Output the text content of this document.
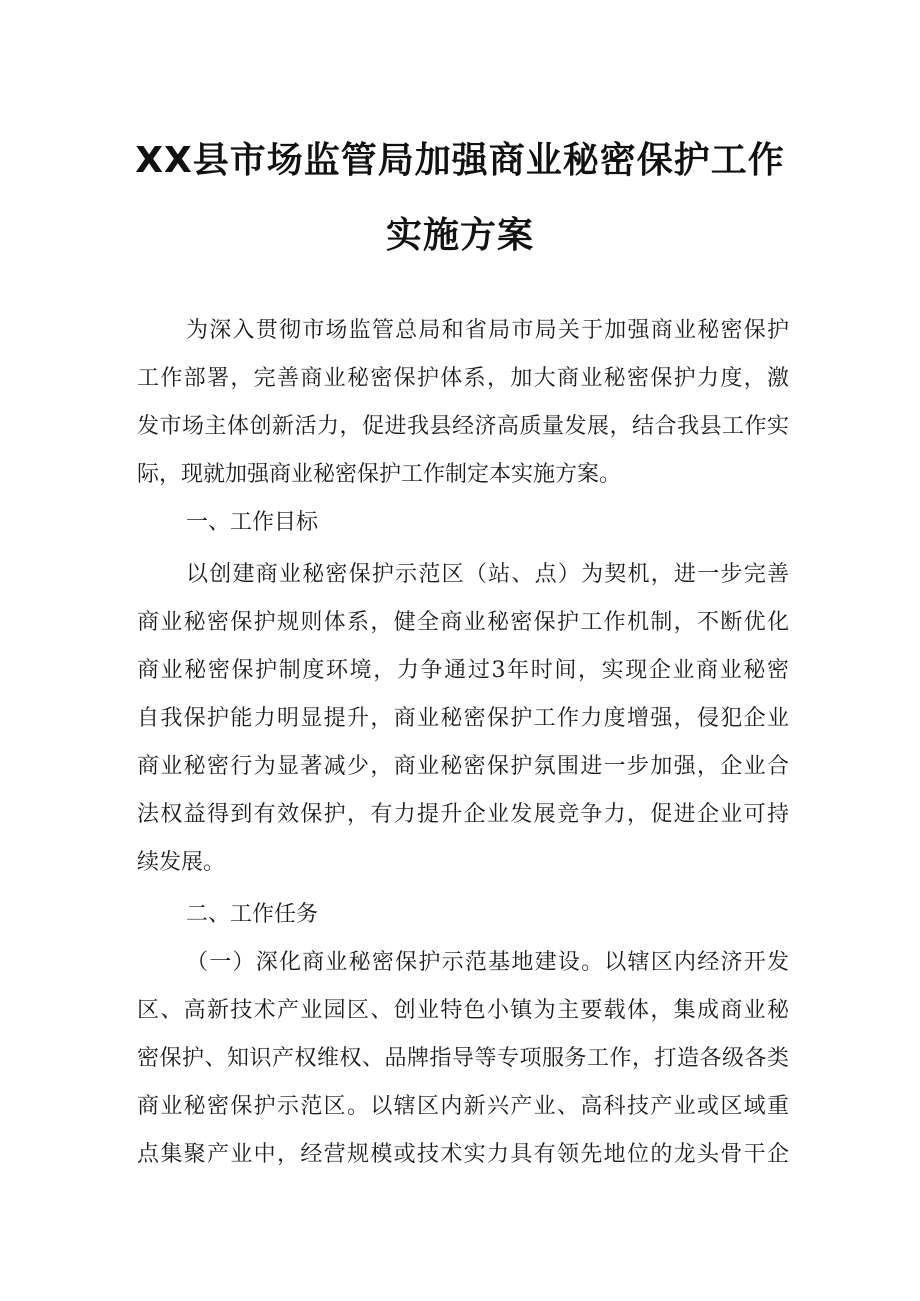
XX县市场监管局加强商业秘密保护工作
实施方案
为深入贯彻市场监管总局和省局市局关于加强商业秘密保护
工作部署，完善商业秘密保护体系，加大商业秘密保护力度，激
发市场主体创新活力，促进我县经济高质量发展，结合我县工作实
际，现就加强商业秘密保护工作制定本实施方案。
一、工作目标
以创建商业秘密保护示范区（站、点）为契机，进一步完善
商业秘密保护规则体系，健全商业秘密保护工作机制，不断优化
商业秘密保护制度环境，力争通过3年时间，实现企业商业秘密
自我保护能力明显提升，商业秘密保护工作力度增强，侵犯企业
商业秘密行为显著减少，商业秘密保护氛围进一步加强，企业合
法权益得到有效保护，有力提升企业发展竞争力，促进企业可持
续发展。
二、工作任务
（一）深化商业秘密保护示范基地建设。以辖区内经济开发
区、高新技术产业园区、创业特色小镇为主要载体，集成商业秘
密保护、知识产权维权、品牌指导等专项服务工作，打造各级各类
商业秘密保护示范区。以辖区内新兴产业、高科技产业或区域重
点集聚产业中，经营规模或技术实力具有领先地位的龙头骨干企
